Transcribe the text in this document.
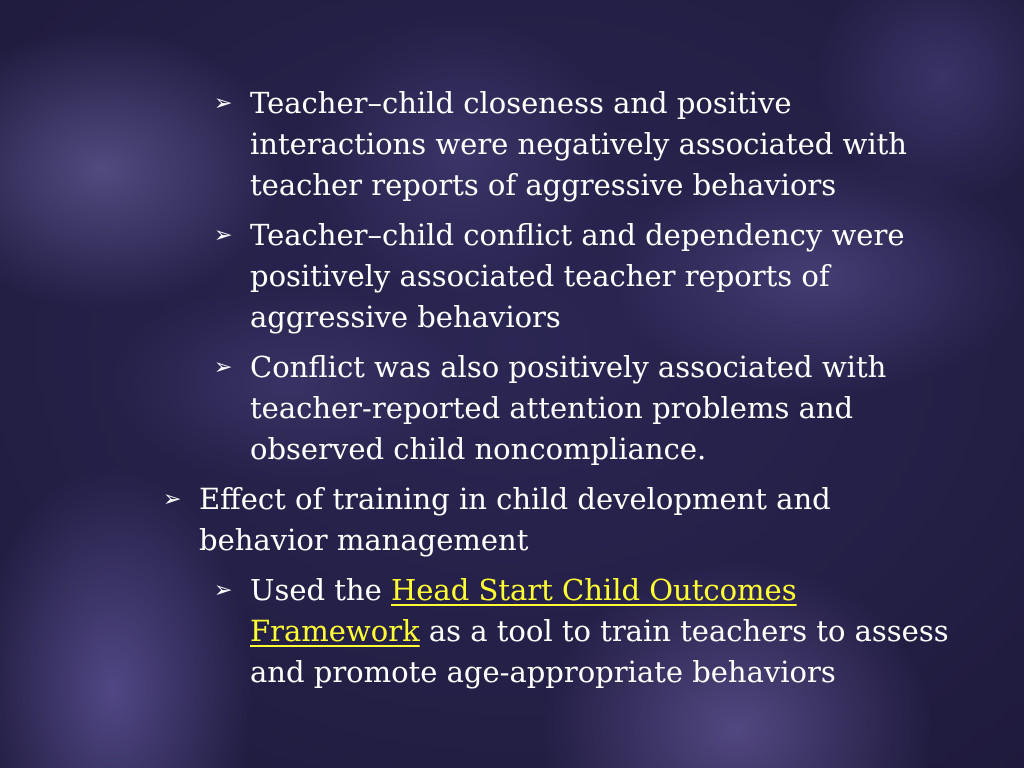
➢ Teacher–child closeness and positive interactions were negatively associated with teacher reports of aggressive behaviors
➢ Teacher–child conflict and dependency were positively associated teacher reports of aggressive behaviors
➢ Conflict was also positively associated with teacher-reported attention problems and observed child noncompliance.
➢ Effect of training in child development and behavior management
➢ Used the Head Start Child Outcomes Framework as a tool to train teachers to assess and promote age-appropriate behaviors
